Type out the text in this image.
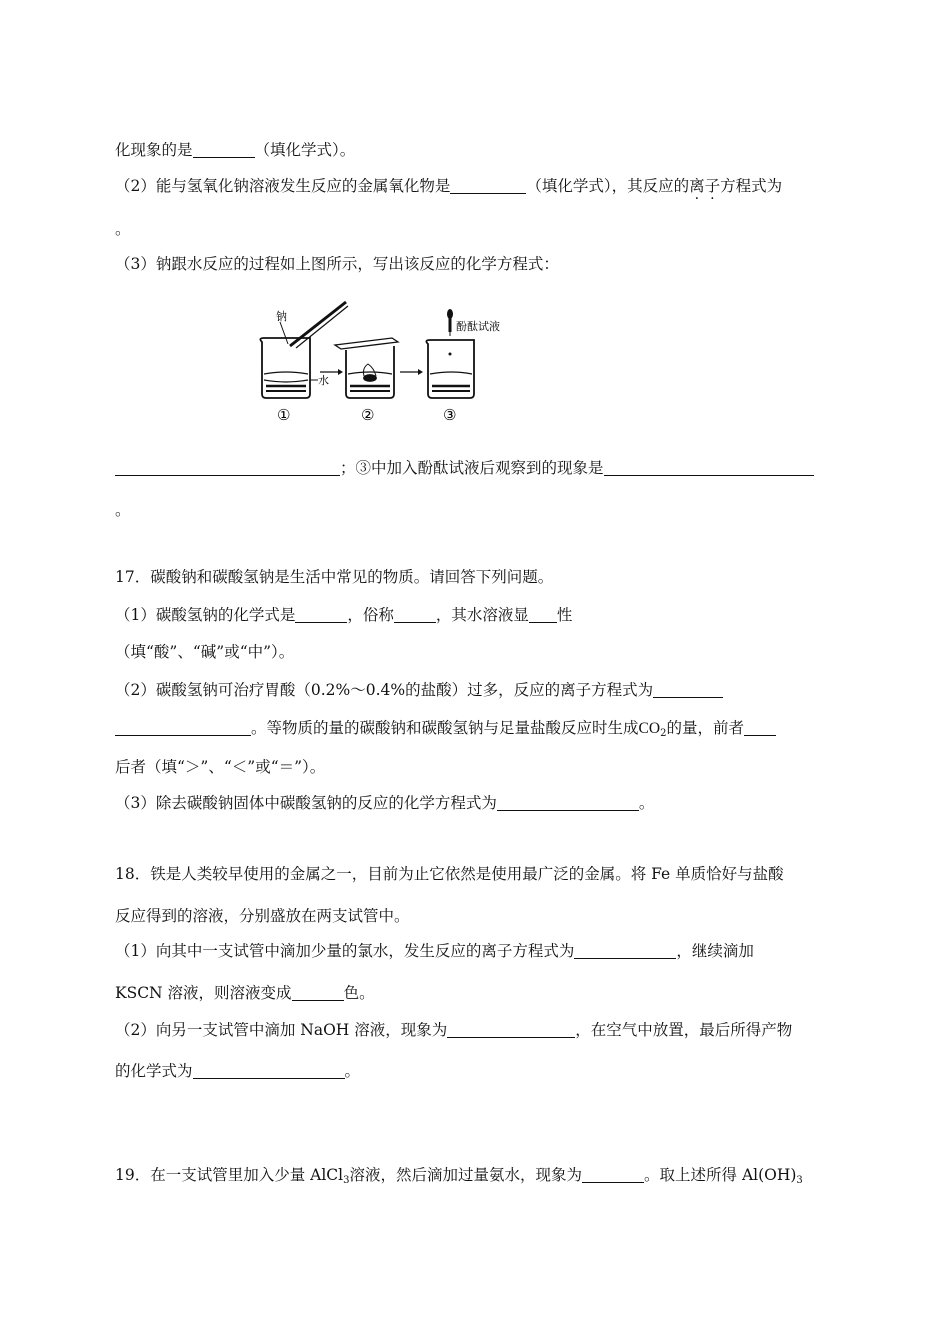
化现象的是	（填化学式）。
（2）能与氢氧化钠溶液发生反应的金属氧化物是	（填化学式），其反应的离子方程式为
。
（3）钠跟水反应的过程如上图所示，写出该反应的化学方程式：
钠
水
①	②
酚酞试液
③
；③中加入酚酞试液后观察到的现象是
。
17．碳酸钠和碳酸氢钠是生活中常见的物质。请回答下列问题。
（1）碳酸氢钠的化学式是	，俗称	，其水溶液显 性
（填“酸”、“碱”或“中”）。
（2）碳酸氢钠可治疗胃酸（0.2%～0.4%的盐酸）过多，反应的离子方程式为
。等物质的量的碳酸钠和碳酸氢钠与足量盐酸反应时生成$CO_2$的量，前者
后者（填“＞”、“＜”或“＝”）。
（3）除去碳酸钠固体中碳酸氢钠的反应的化学方程式为	。
18．铁是人类较早使用的金属之一，目前为止它依然是使用最广泛的金属。将 Fe 单质恰好与盐酸
反应得到的溶液，分别盛放在两支试管中。
（1）向其中一支试管中滴加少量的氯水，发生反应的离子方程式为	，继续滴加
KSCN 溶液，则溶液变成	色。
（2）向另一支试管中滴加 NaOH 溶液，现象为	，在空气中放置，最后所得产物
的化学式为	。
19．在一支试管里加入少量 AlCl$_3$溶液，然后滴加过量氨水，现象为	。取上述所得 $Al(OH)_3$
